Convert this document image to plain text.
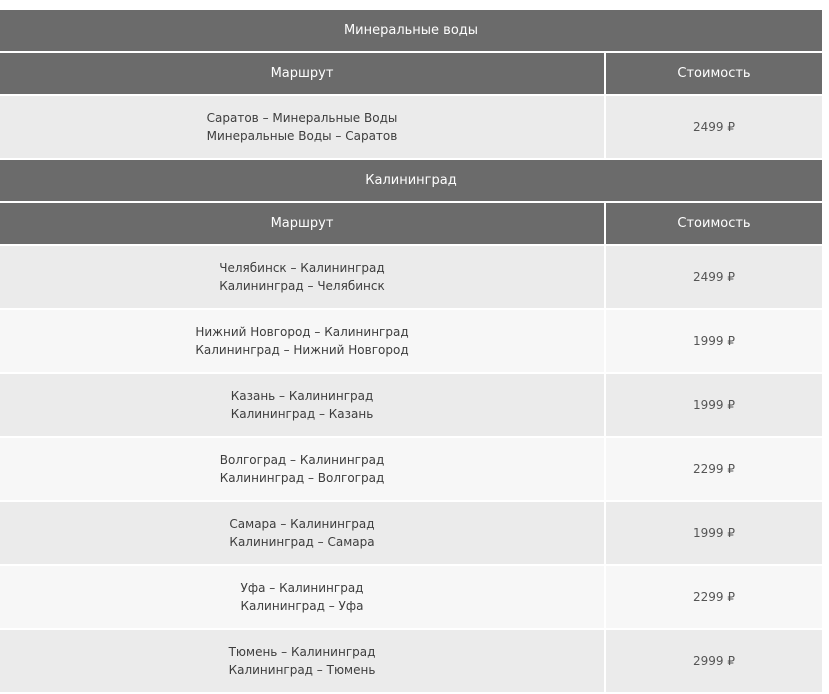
Минеральные воды
Маршрут	Стоимость
Саратов – Минеральные Воды
Минеральные Воды – Саратов
2499 ₽
Калининград
Маршрут	Стоимость
Челябинск – Калининград
Калининград – Челябинск
2499 ₽
Нижний Новгород – Калининград
Калининград – Нижний Новгород
1999 ₽
Казань – Калининград
Калининград – Казань
1999 ₽
Волгоград – Калининград
Калининград – Волгоград
2299 ₽
Самара – Калининград
Калининград – Самара
1999 ₽
Уфа – Калининград
Калининград – Уфа
2299 ₽
Тюмень – Калининград
Калининград – Тюмень
2999 ₽
